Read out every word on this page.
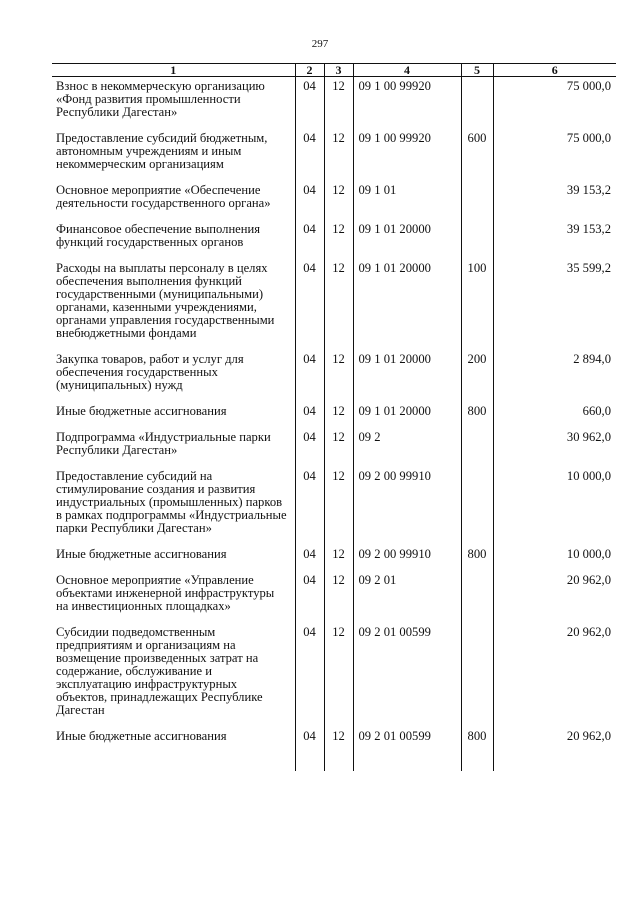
297
1	2	3	4	5	6
Взнос в некоммерческую организацию «Фонд развития промышленности Республики Дагестан»	04	12	09 1 00 99920		75 000,0
Предоставление субсидий бюджетным, автономным учреждениям и иным некоммерческим организациям	04	12	09 1 00 99920	600	75 000,0
Основное мероприятие «Обеспечение деятельности государственного органа»	04	12	09 1 01		39 153,2
Финансовое обеспечение выполнения функций государственных органов	04	12	09 1 01 20000		39 153,2
Расходы на выплаты персоналу в целях обеспечения выполнения функций государственными (муниципальными) органами, казенными учреждениями, органами управления государственными внебюджетными фондами	04	12	09 1 01 20000	100	35 599,2
Закупка товаров, работ и услуг для обеспечения государственных (муниципальных) нужд	04	12	09 1 01 20000	200	2 894,0
Иные бюджетные ассигнования	04	12	09 1 01 20000	800	660,0
Подпрограмма «Индустриальные парки Республики Дагестан»	04	12	09 2		30 962,0
Предоставление субсидий на стимулирование создания и развития индустриальных (промышленных) парков в рамках подпрограммы «Индустриальные парки Республики Дагестан»	04	12	09 2 00 99910		10 000,0
Иные бюджетные ассигнования	04	12	09 2 00 99910	800	10 000,0
Основное мероприятие «Управление объектами инженерной инфраструктуры на инвестиционных площадках»	04	12	09 2 01		20 962,0
Субсидии подведомственным предприятиям и организациям на возмещение произведенных затрат на содержание, обслуживание и эксплуатацию инфраструктурных объектов, принадлежащих Республике Дагестан	04	12	09 2 01 00599		20 962,0
Иные бюджетные ассигнования	04	12	09 2 01 00599	800	20 962,0
